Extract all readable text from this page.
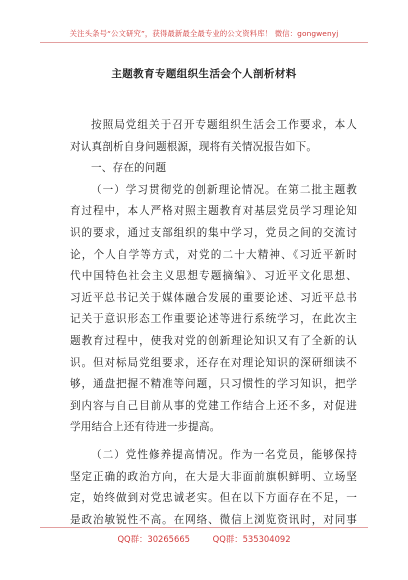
关注头条号“公文研究”，获得最新最全最专业的公文资料库！ 微信：gongwenyj
主题教育专题组织生活会个人剖析材料
按照局党组关于召开专题组织生活会工作要求，本人
对认真剖析自身问题根源，现将有关情况报告如下。
一、存在的问题
（一）学习贯彻党的创新理论情况。在第二批主题教
育过程中，本人严格对照主题教育对基层党员学习理论知
识的要求，通过支部组织的集中学习，党员之间的交流讨
论，个人自学等方式，对党的二十大精神、《习近平新时
代中国特色社会主义思想专题摘编》、习近平文化思想、
习近平总书记关于媒体融合发展的重要论述、习近平总书
记关于意识形态工作重要论述等进行系统学习，在此次主
题教育过程中，使我对党的创新理论知识又有了全新的认
识。但对标局党组要求，还存在对理论知识的深研细读不
够，通盘把握不精准等问题，只习惯性的学习知识，把学
到内容与自己目前从事的党建工作结合上还不多，对促进
学用结合上还有待进一步提高。
（二）党性修养提高情况。作为一名党员，能够保持
坚定正确的政治方向，在大是大非面前旗帜鲜明、立场坚
定，始终做到对党忠诚老实。但在以下方面存在不足，一
是政治敏锐性不高。在网络、微信上浏览资讯时，对同事
QQ群：30265665	QQ群：535304092
